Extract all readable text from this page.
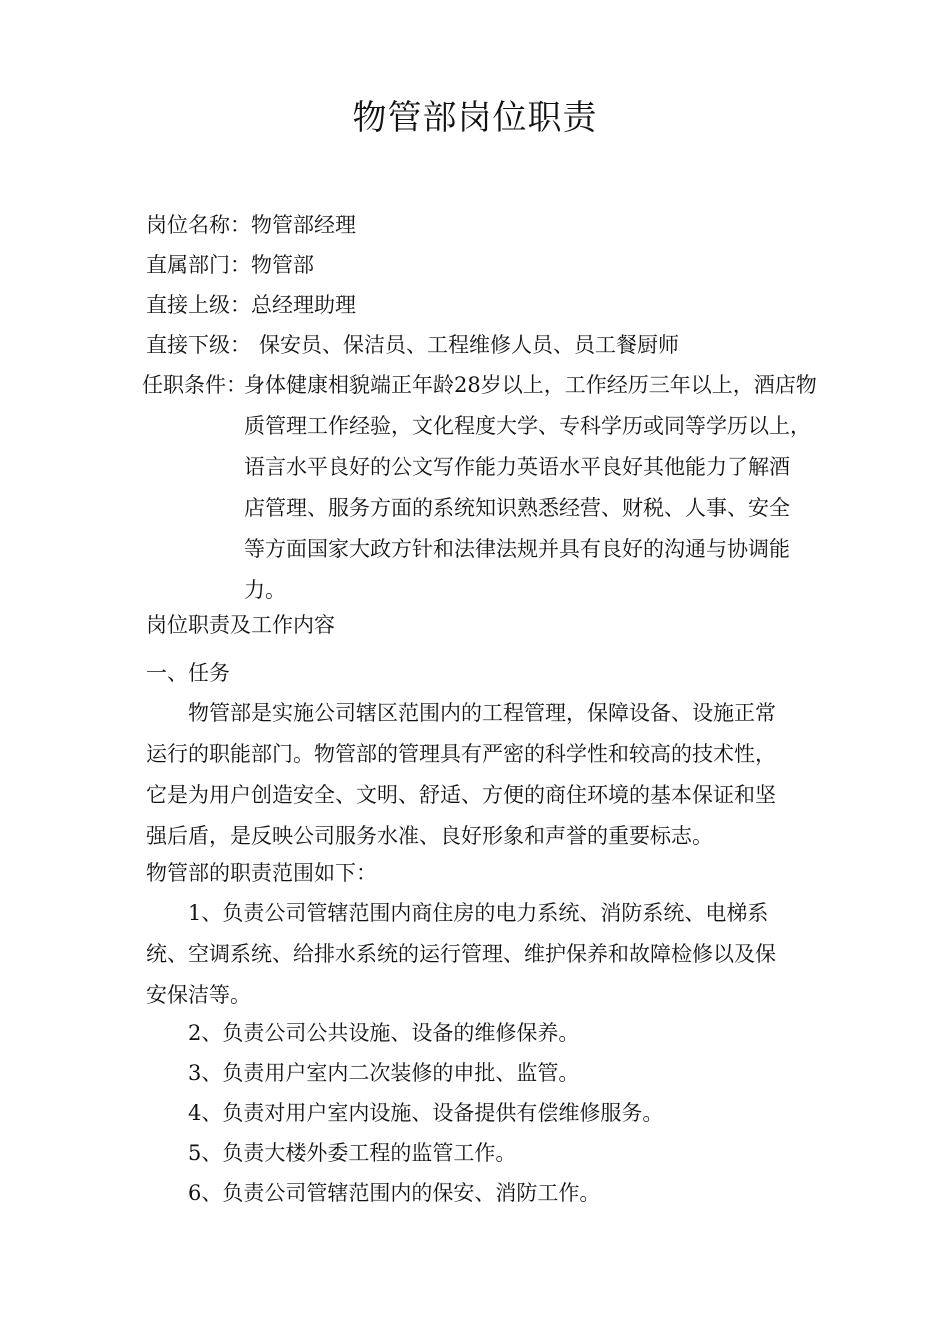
物管部岗位职责
岗位名称：物管部经理
直属部门：物管部
直接上级：总经理助理
直接下级： 保安员、保洁员、工程维修人员、员工餐厨师
任职条件：
身体健康相貌端正年龄28岁以上，工作经历三年以上，酒店物
质管理工作经验，文化程度大学、专科学历或同等学历以上，
语言水平良好的公文写作能力英语水平良好其他能力了解酒
店管理、服务方面的系统知识熟悉经营、财税、人事、安全
等方面国家大政方针和法律法规并具有良好的沟通与协调能
力。
岗位职责及工作内容
一、任务
物管部是实施公司辖区范围内的工程管理，保障设备、设施正常
运行的职能部门。物管部的管理具有严密的科学性和较高的技术性，
它是为用户创造安全、文明、舒适、方便的商住环境的基本保证和坚
强后盾，是反映公司服务水准、良好形象和声誉的重要标志。
物管部的职责范围如下：
1、负责公司管辖范围内商住房的电力系统、消防系统、电梯系
统、空调系统、给排水系统的运行管理、维护保养和故障检修以及保
安保洁等。
2、负责公司公共设施、设备的维修保养。
3、负责用户室内二次装修的申批、监管。
4、负责对用户室内设施、设备提供有偿维修服务。
5、负责大楼外委工程的监管工作。
6、负责公司管辖范围内的保安、消防工作。
